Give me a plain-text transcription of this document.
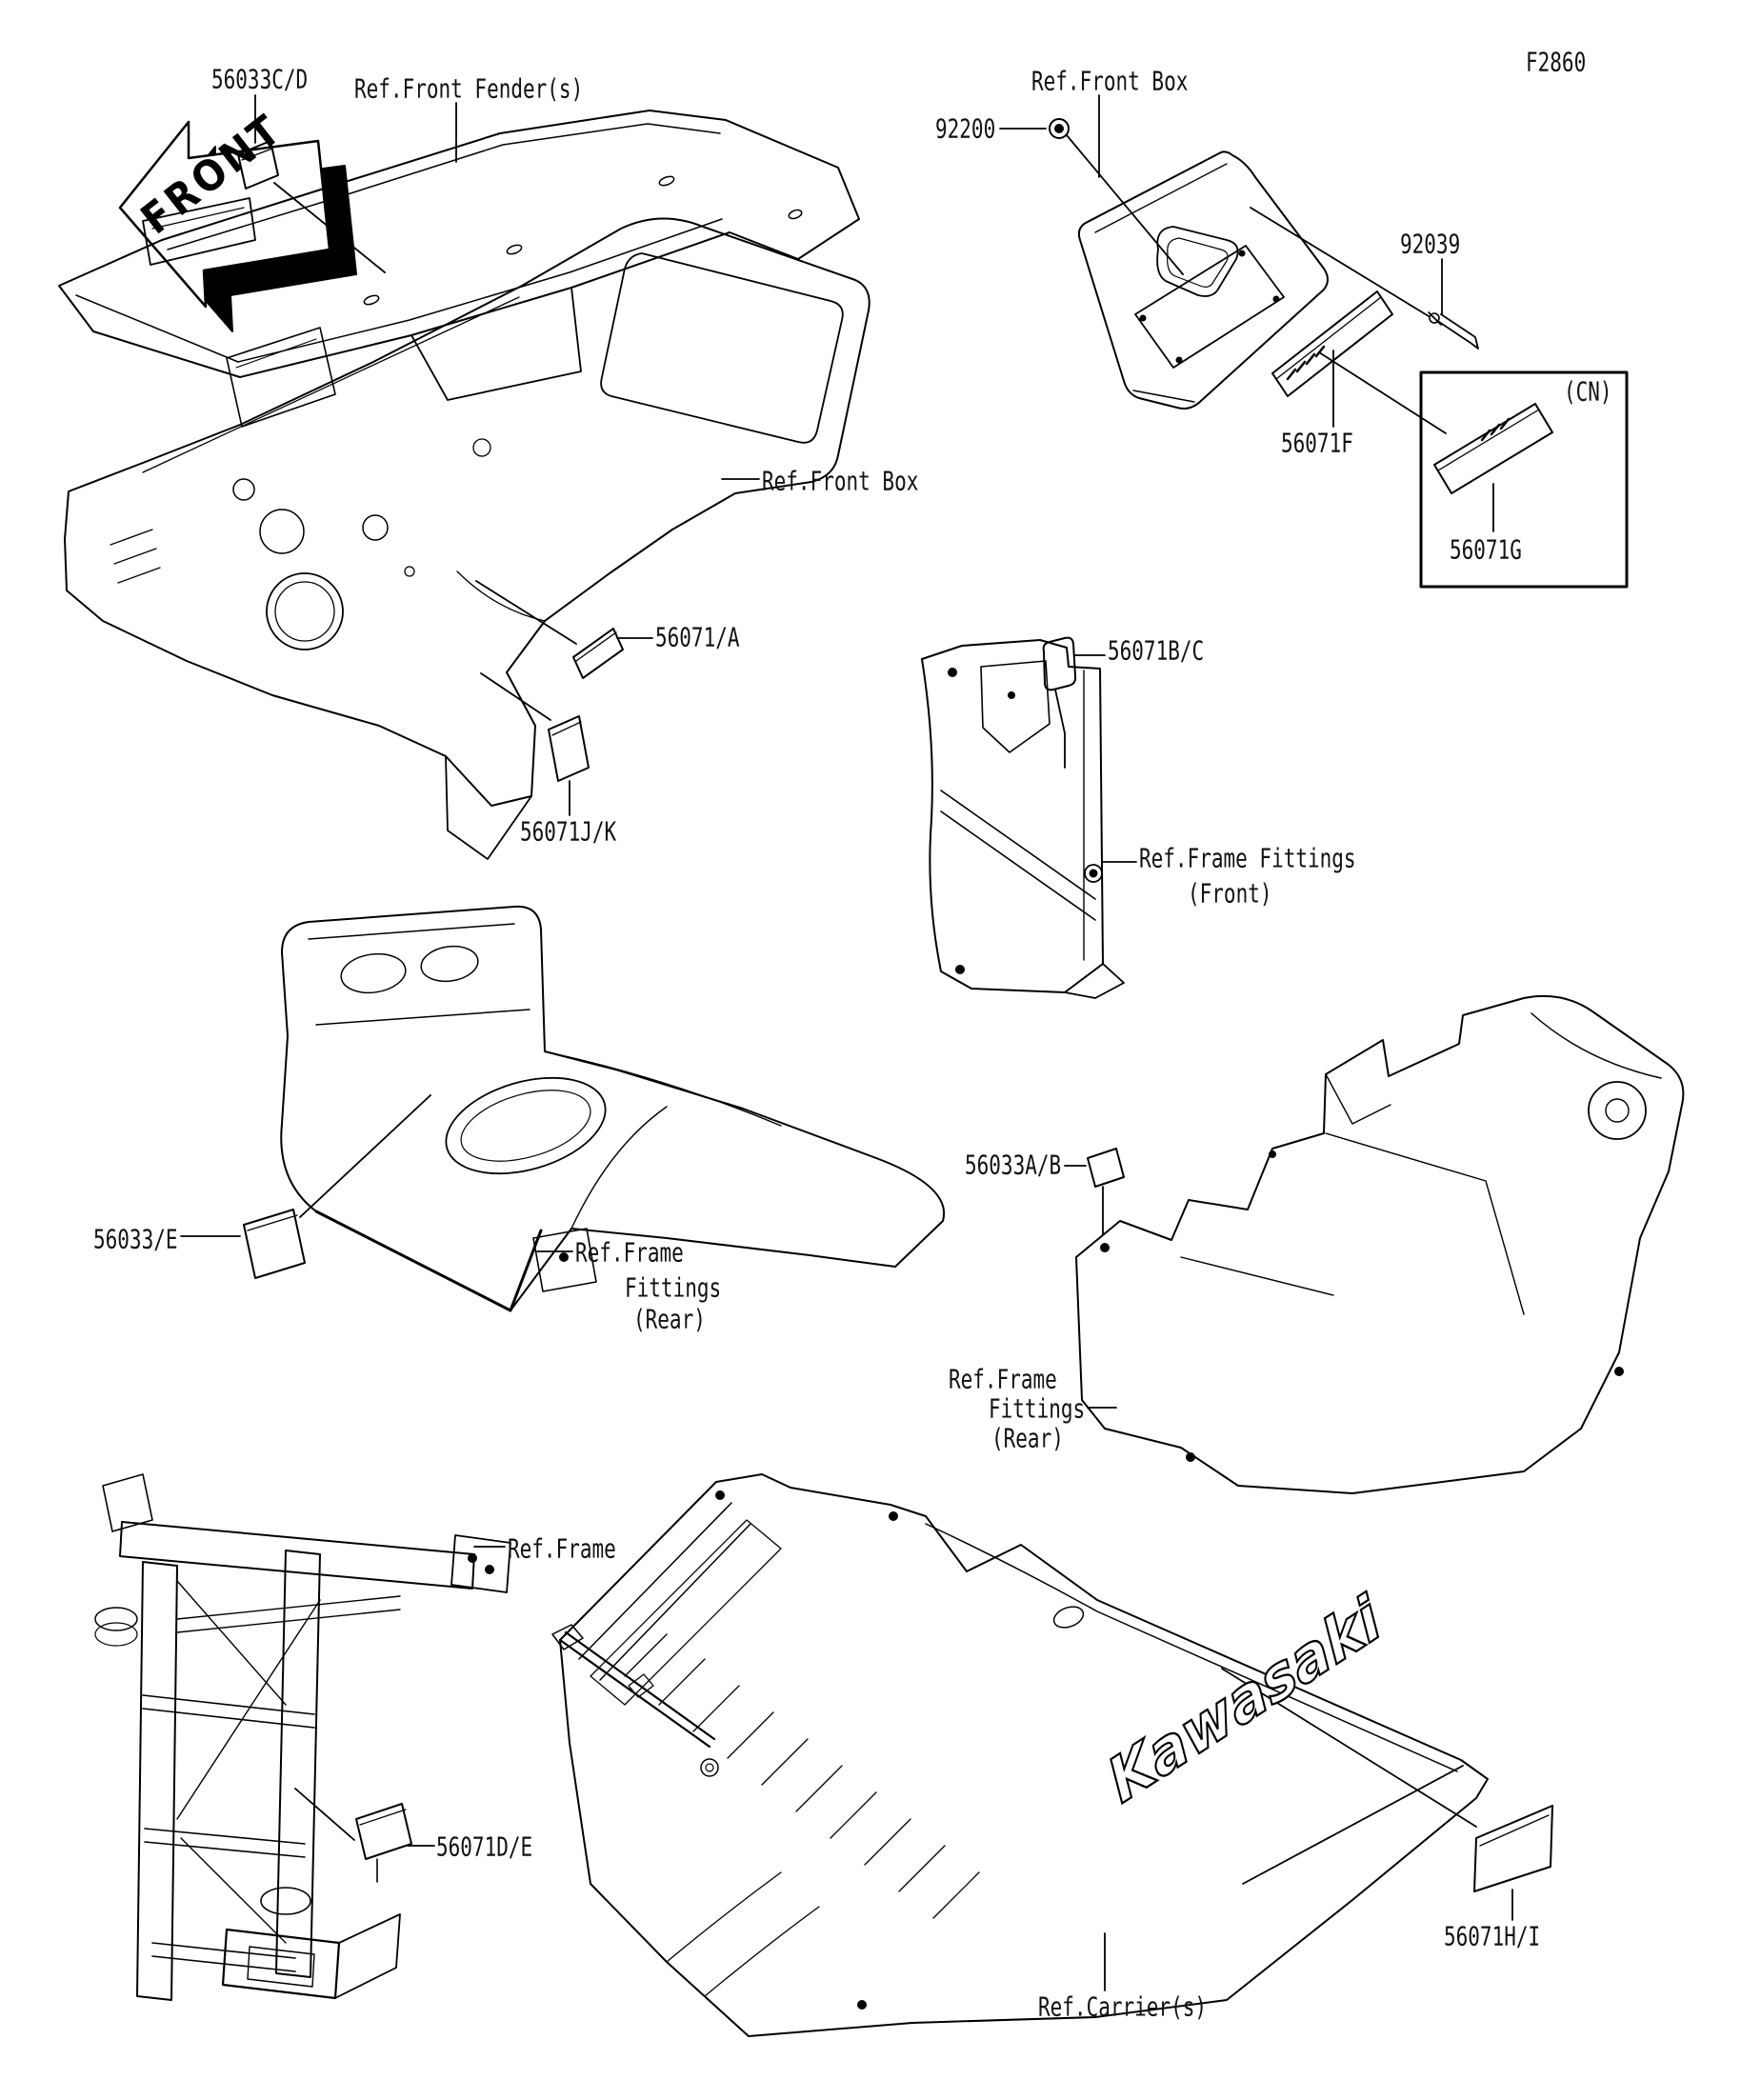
F2860
FRONT
56033C/D Ref.Front Fender(s)	Ref.Front Box
92200
92039
56071F
(CN)
56071G
Ref.Front Box
56071/A
56071J/K
56071B/C
Ref.Frame Fittings
(Front)
56033/E	Ref.Frame
Fittings
(Rear)
56033A/B
Ref.Frame
Fittings
(Rear)
Ref.Frame
56071D/E
56071H/I
Ref.Carrier(s)
Kawasaki
